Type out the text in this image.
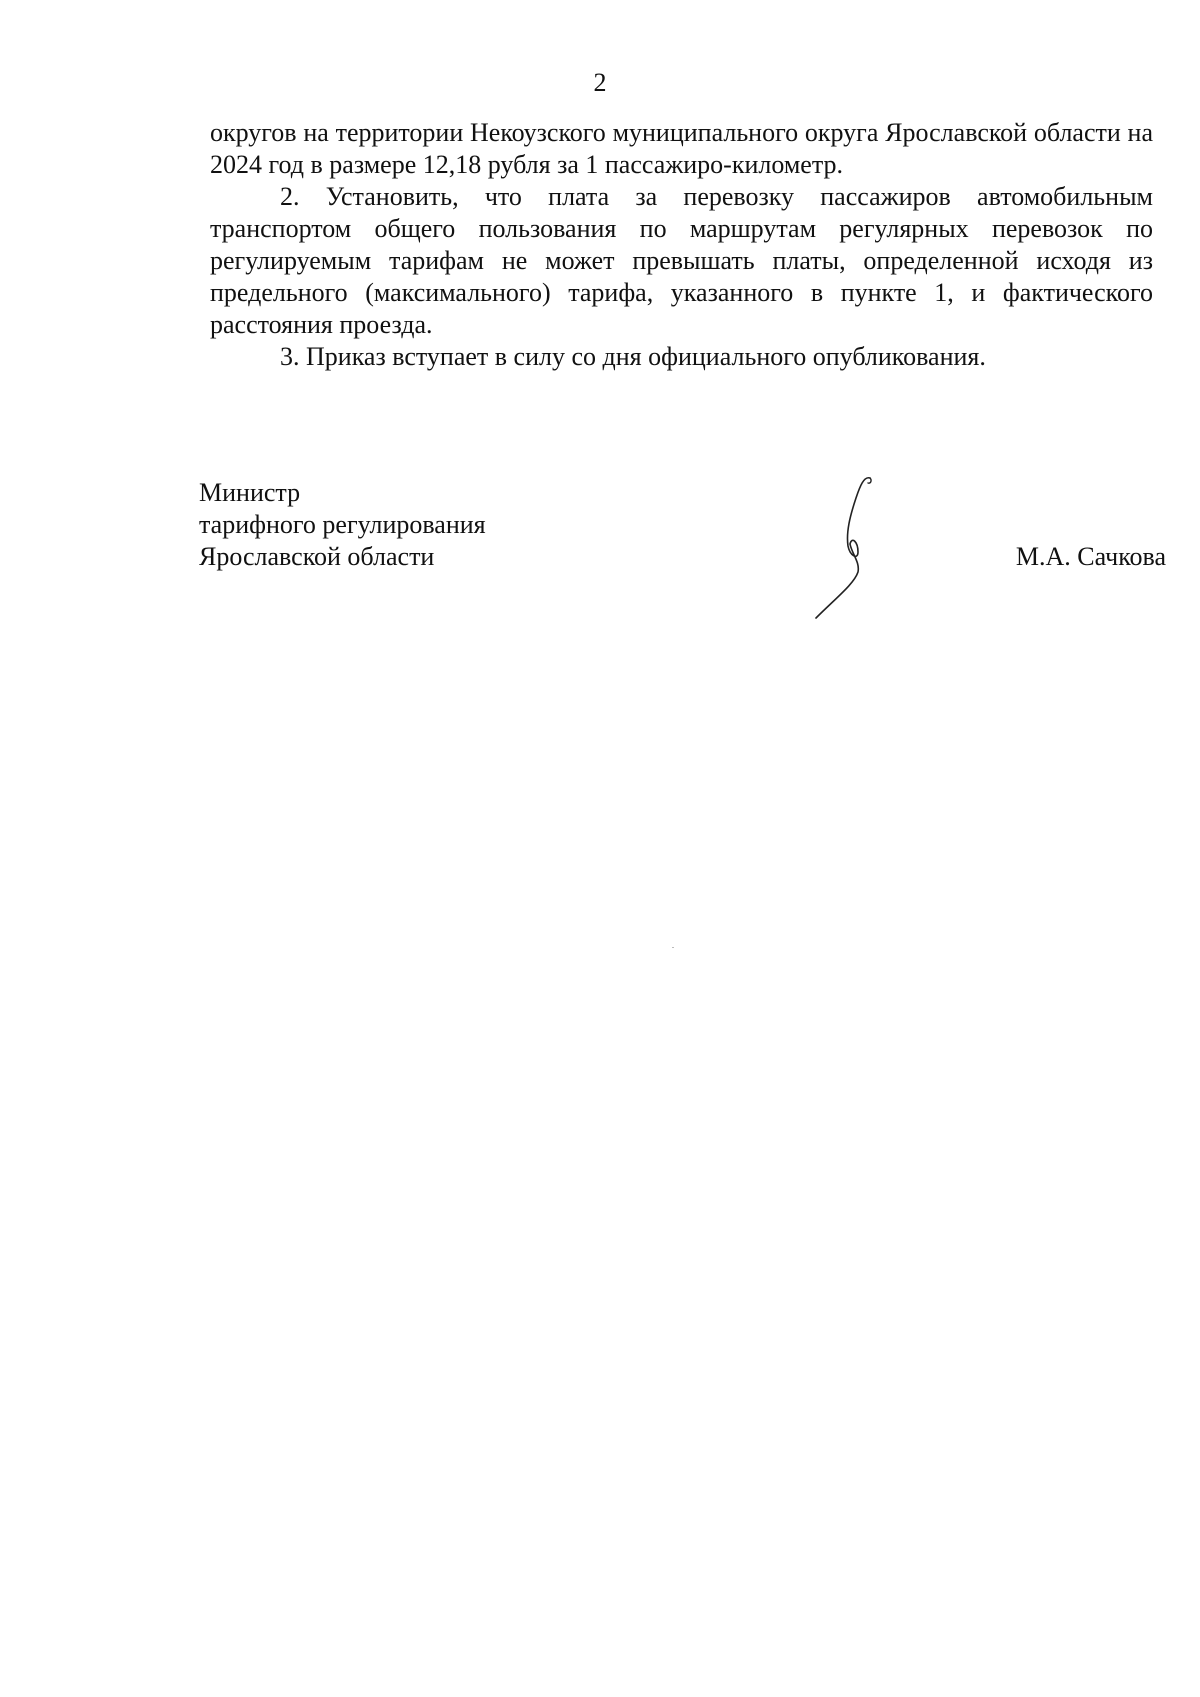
2

округов на территории Некоузского муниципального округа Ярославской области на 2024 год в размере 12,18 рубля за 1 пассажиро-километр.

2. Установить, что плата за перевозку пассажиров автомобильным транспортом общего пользования по маршрутам регулярных перевозок по регулируемым тарифам не может превышать платы, определенной исходя из предельного (максимального) тарифа, указанного в пункте 1, и фактического расстояния проезда.

3. Приказ вступает в силу со дня официального опубликования.

Министр
тарифного регулирования
Ярославской области	М.А. Сачкова
